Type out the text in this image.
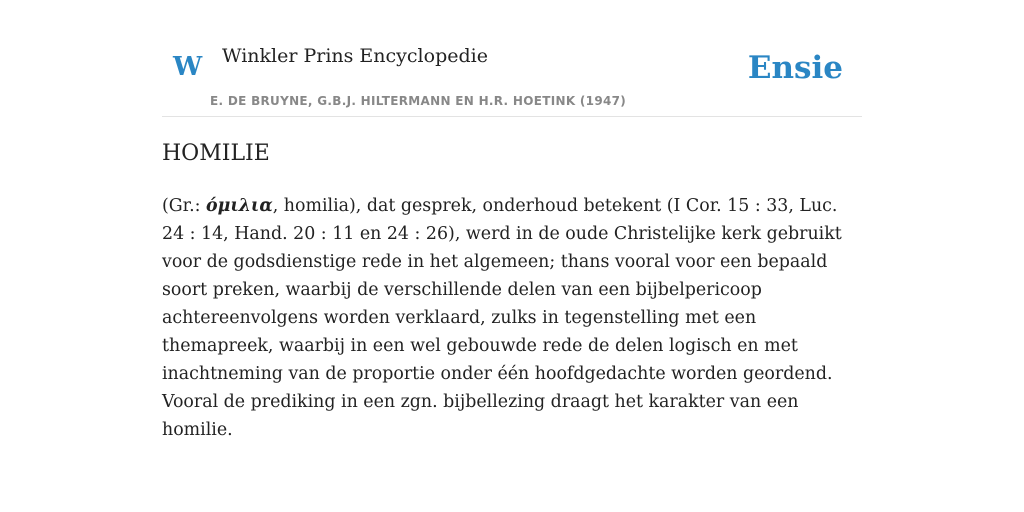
W Winkler Prins Encyclopedie
E. DE BRUYNE, G.B.J. HILTERMANN EN H.R. HOETINK (1947)
Ensie
HOMILIE

(Gr.: όμιλια, homilia), dat gesprek, onderhoud betekent (I Cor. 15 : 33, Luc. 24 : 14, Hand. 20 : 11 en 24 : 26), werd in de oude Christelijke kerk gebruikt voor de godsdienstige rede in het algemeen; thans vooral voor een bepaald soort preken, waarbij de verschillende delen van een bijbelpericoop achtereenvolgens worden verklaard, zulks in tegenstelling met een themapreek, waarbij in een wel gebouwde rede de delen logisch en met inachtneming van de proportie onder één hoofdgedachte worden geordend. Vooral de prediking in een zgn. bijbellezing draagt het karakter van een homilie.
